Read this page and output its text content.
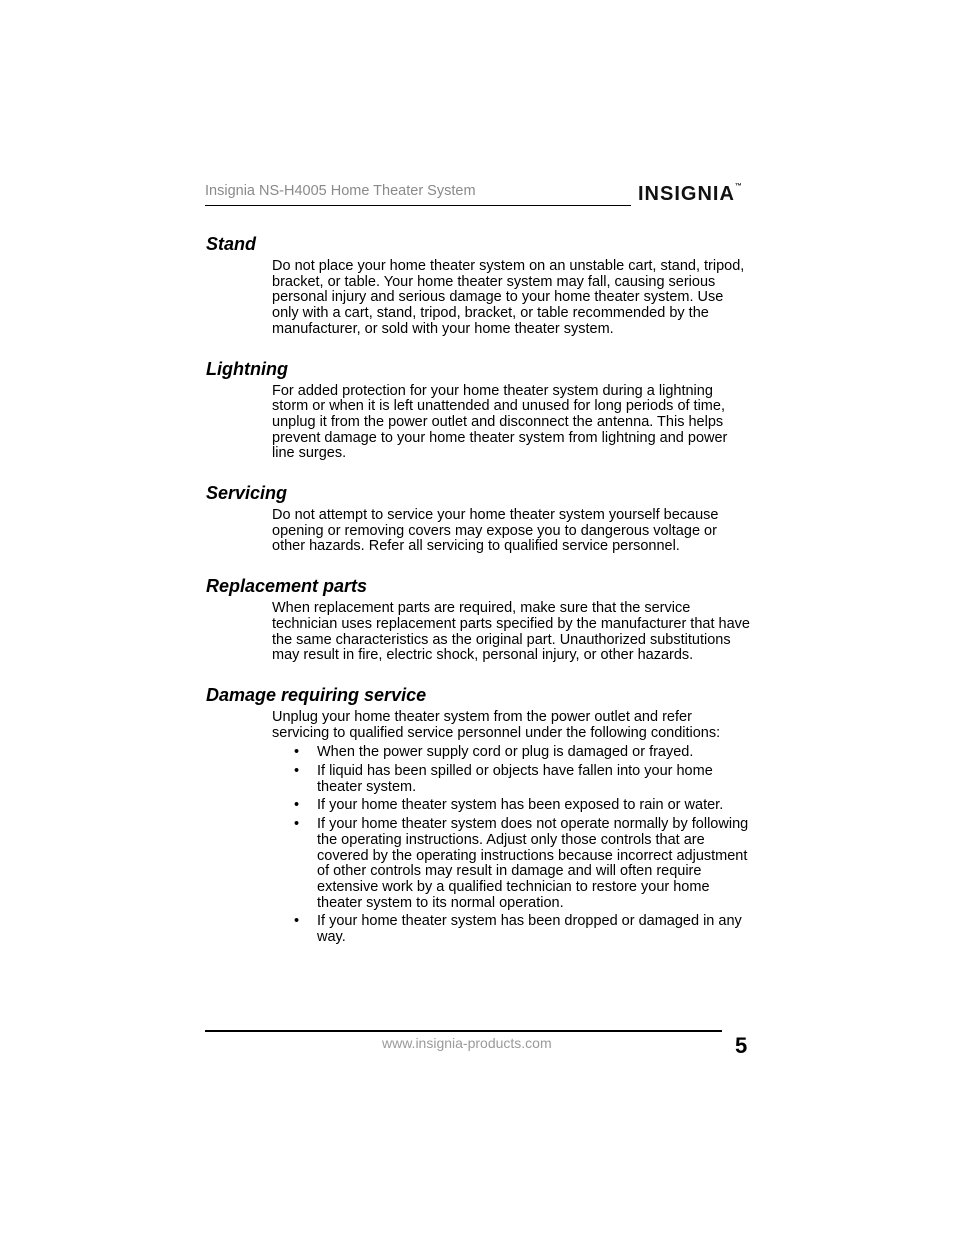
Insignia NS-H4005 Home Theater System	INSIGNIA™
Stand

Do not place your home theater system on an unstable cart, stand, tripod, bracket, or table. Your home theater system may fall, causing serious personal injury and serious damage to your home theater system. Use only with a cart, stand, tripod, bracket, or table recommended by the manufacturer, or sold with your home theater system.

Lightning

For added protection for your home theater system during a lightning storm or when it is left unattended and unused for long periods of time, unplug it from the power outlet and disconnect the antenna. This helps prevent damage to your home theater system from lightning and power line surges.

Servicing

Do not attempt to service your home theater system yourself because opening or removing covers may expose you to dangerous voltage or other hazards. Refer all servicing to qualified service personnel.

Replacement parts

When replacement parts are required, make sure that the service technician uses replacement parts specified by the manufacturer that have the same characteristics as the original part. Unauthorized substitutions may result in fire, electric shock, personal injury, or other hazards.

Damage requiring service

Unplug your home theater system from the power outlet and refer servicing to qualified service personnel under the following conditions:

• When the power supply cord or plug is damaged or frayed.
• If liquid has been spilled or objects have fallen into your home theater system.
• If your home theater system has been exposed to rain or water.
• If your home theater system does not operate normally by following the operating instructions. Adjust only those controls that are covered by the operating instructions because incorrect adjustment of other controls may result in damage and will often require extensive work by a qualified technician to restore your home theater system to its normal operation.
• If your home theater system has been dropped or damaged in any way.
www.insignia-products.com	5
